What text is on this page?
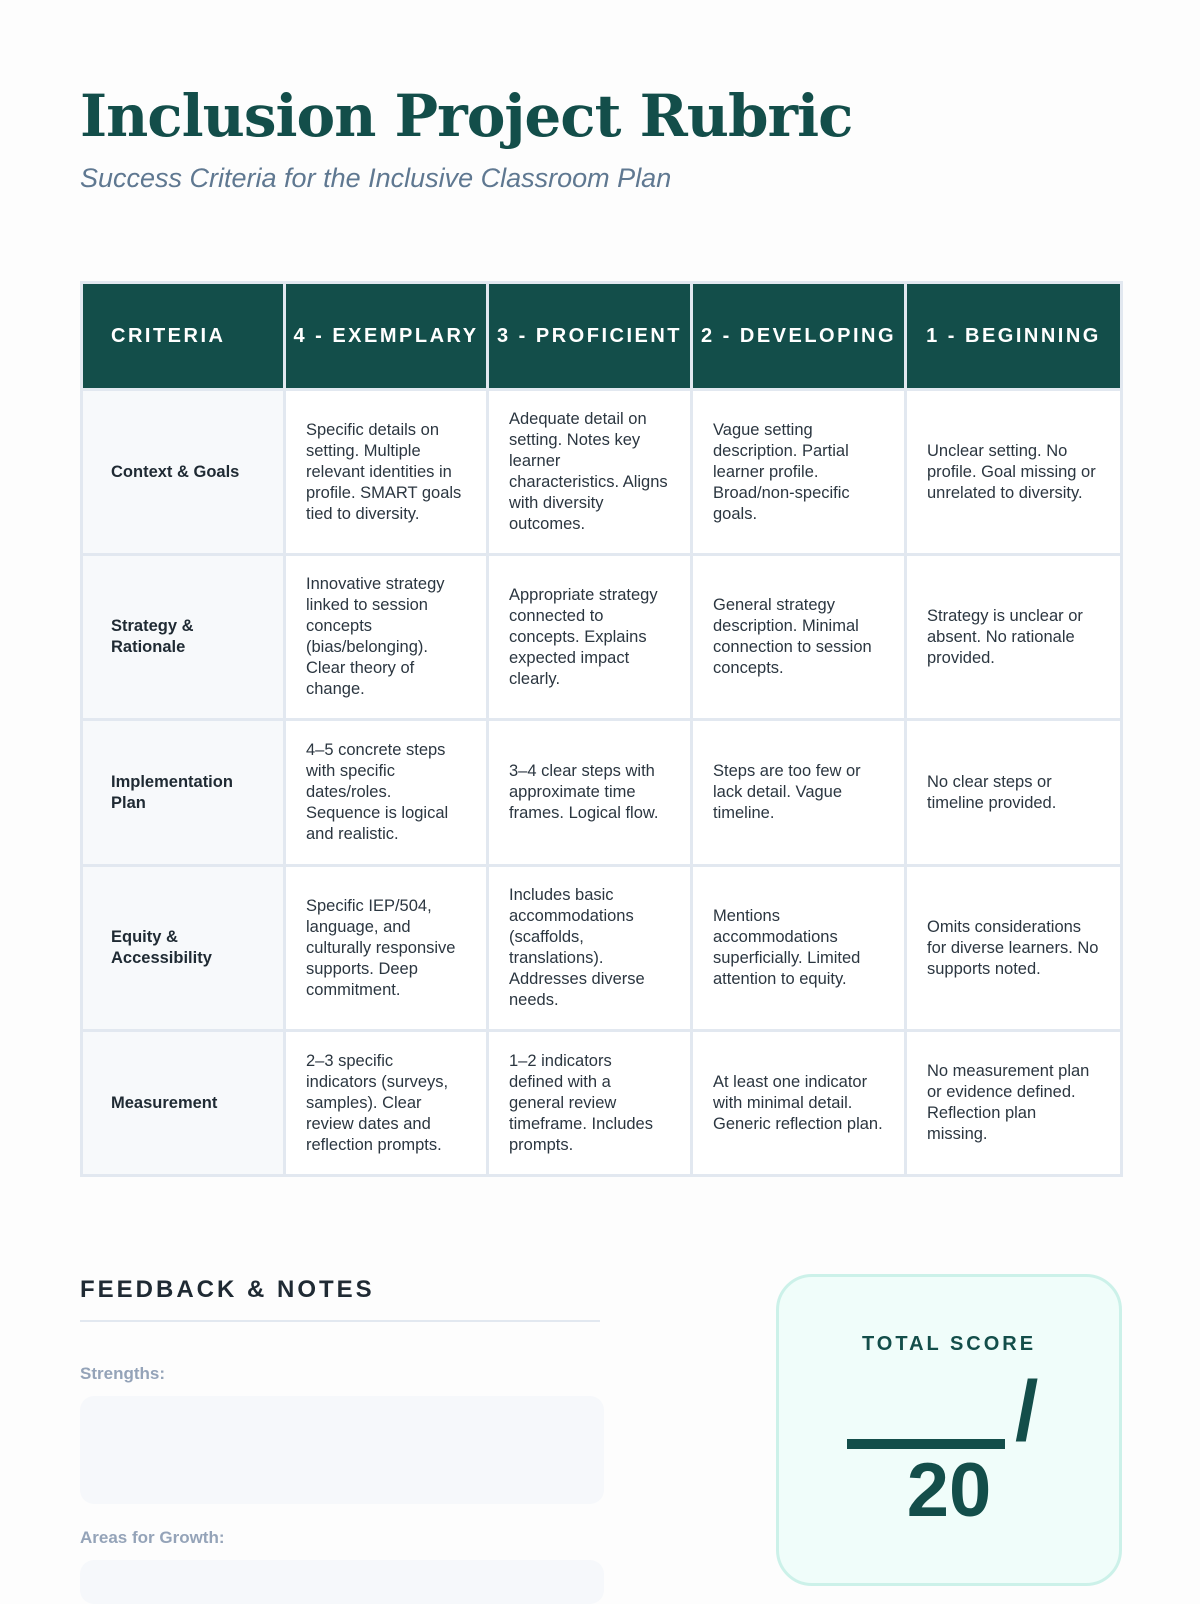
Inclusion Project Rubric
Success Criteria for the Inclusive Classroom Plan
CRITERIA	4 - EXEMPLARY	3 - PROFICIENT	2 - DEVELOPING	1 - BEGINNING
Context & Goals	Specific details on setting. Multiple relevant identities in profile. SMART goals tied to diversity.	Adequate detail on setting. Notes key learner characteristics. Aligns with diversity outcomes.	Vague setting description. Partial learner profile. Broad/non-specific goals.	Unclear setting. No profile. Goal missing or unrelated to diversity.
Strategy & Rationale	Innovative strategy linked to session concepts (bias/belonging). Clear theory of change.	Appropriate strategy connected to concepts. Explains expected impact clearly.	General strategy description. Minimal connection to session concepts.	Strategy is unclear or absent. No rationale provided.
Implementation Plan	4–5 concrete steps with specific dates/roles. Sequence is logical and realistic.	3–4 clear steps with approximate time frames. Logical flow.	Steps are too few or lack detail. Vague timeline.	No clear steps or timeline provided.
Equity & Accessibility	Specific IEP/504, language, and culturally responsive supports. Deep commitment.	Includes basic accommodations (scaffolds, translations). Addresses diverse needs.	Mentions accommodations superficially. Limited attention to equity.	Omits considerations for diverse learners. No supports noted.
Measurement	2–3 specific indicators (surveys, samples). Clear review dates and reflection prompts.	1–2 indicators defined with a general review timeframe. Includes prompts.	At least one indicator with minimal detail. Generic reflection plan.	No measurement plan or evidence defined. Reflection plan missing.
FEEDBACK & NOTES
Strengths:
Areas for Growth:
TOTAL SCORE
/
20
